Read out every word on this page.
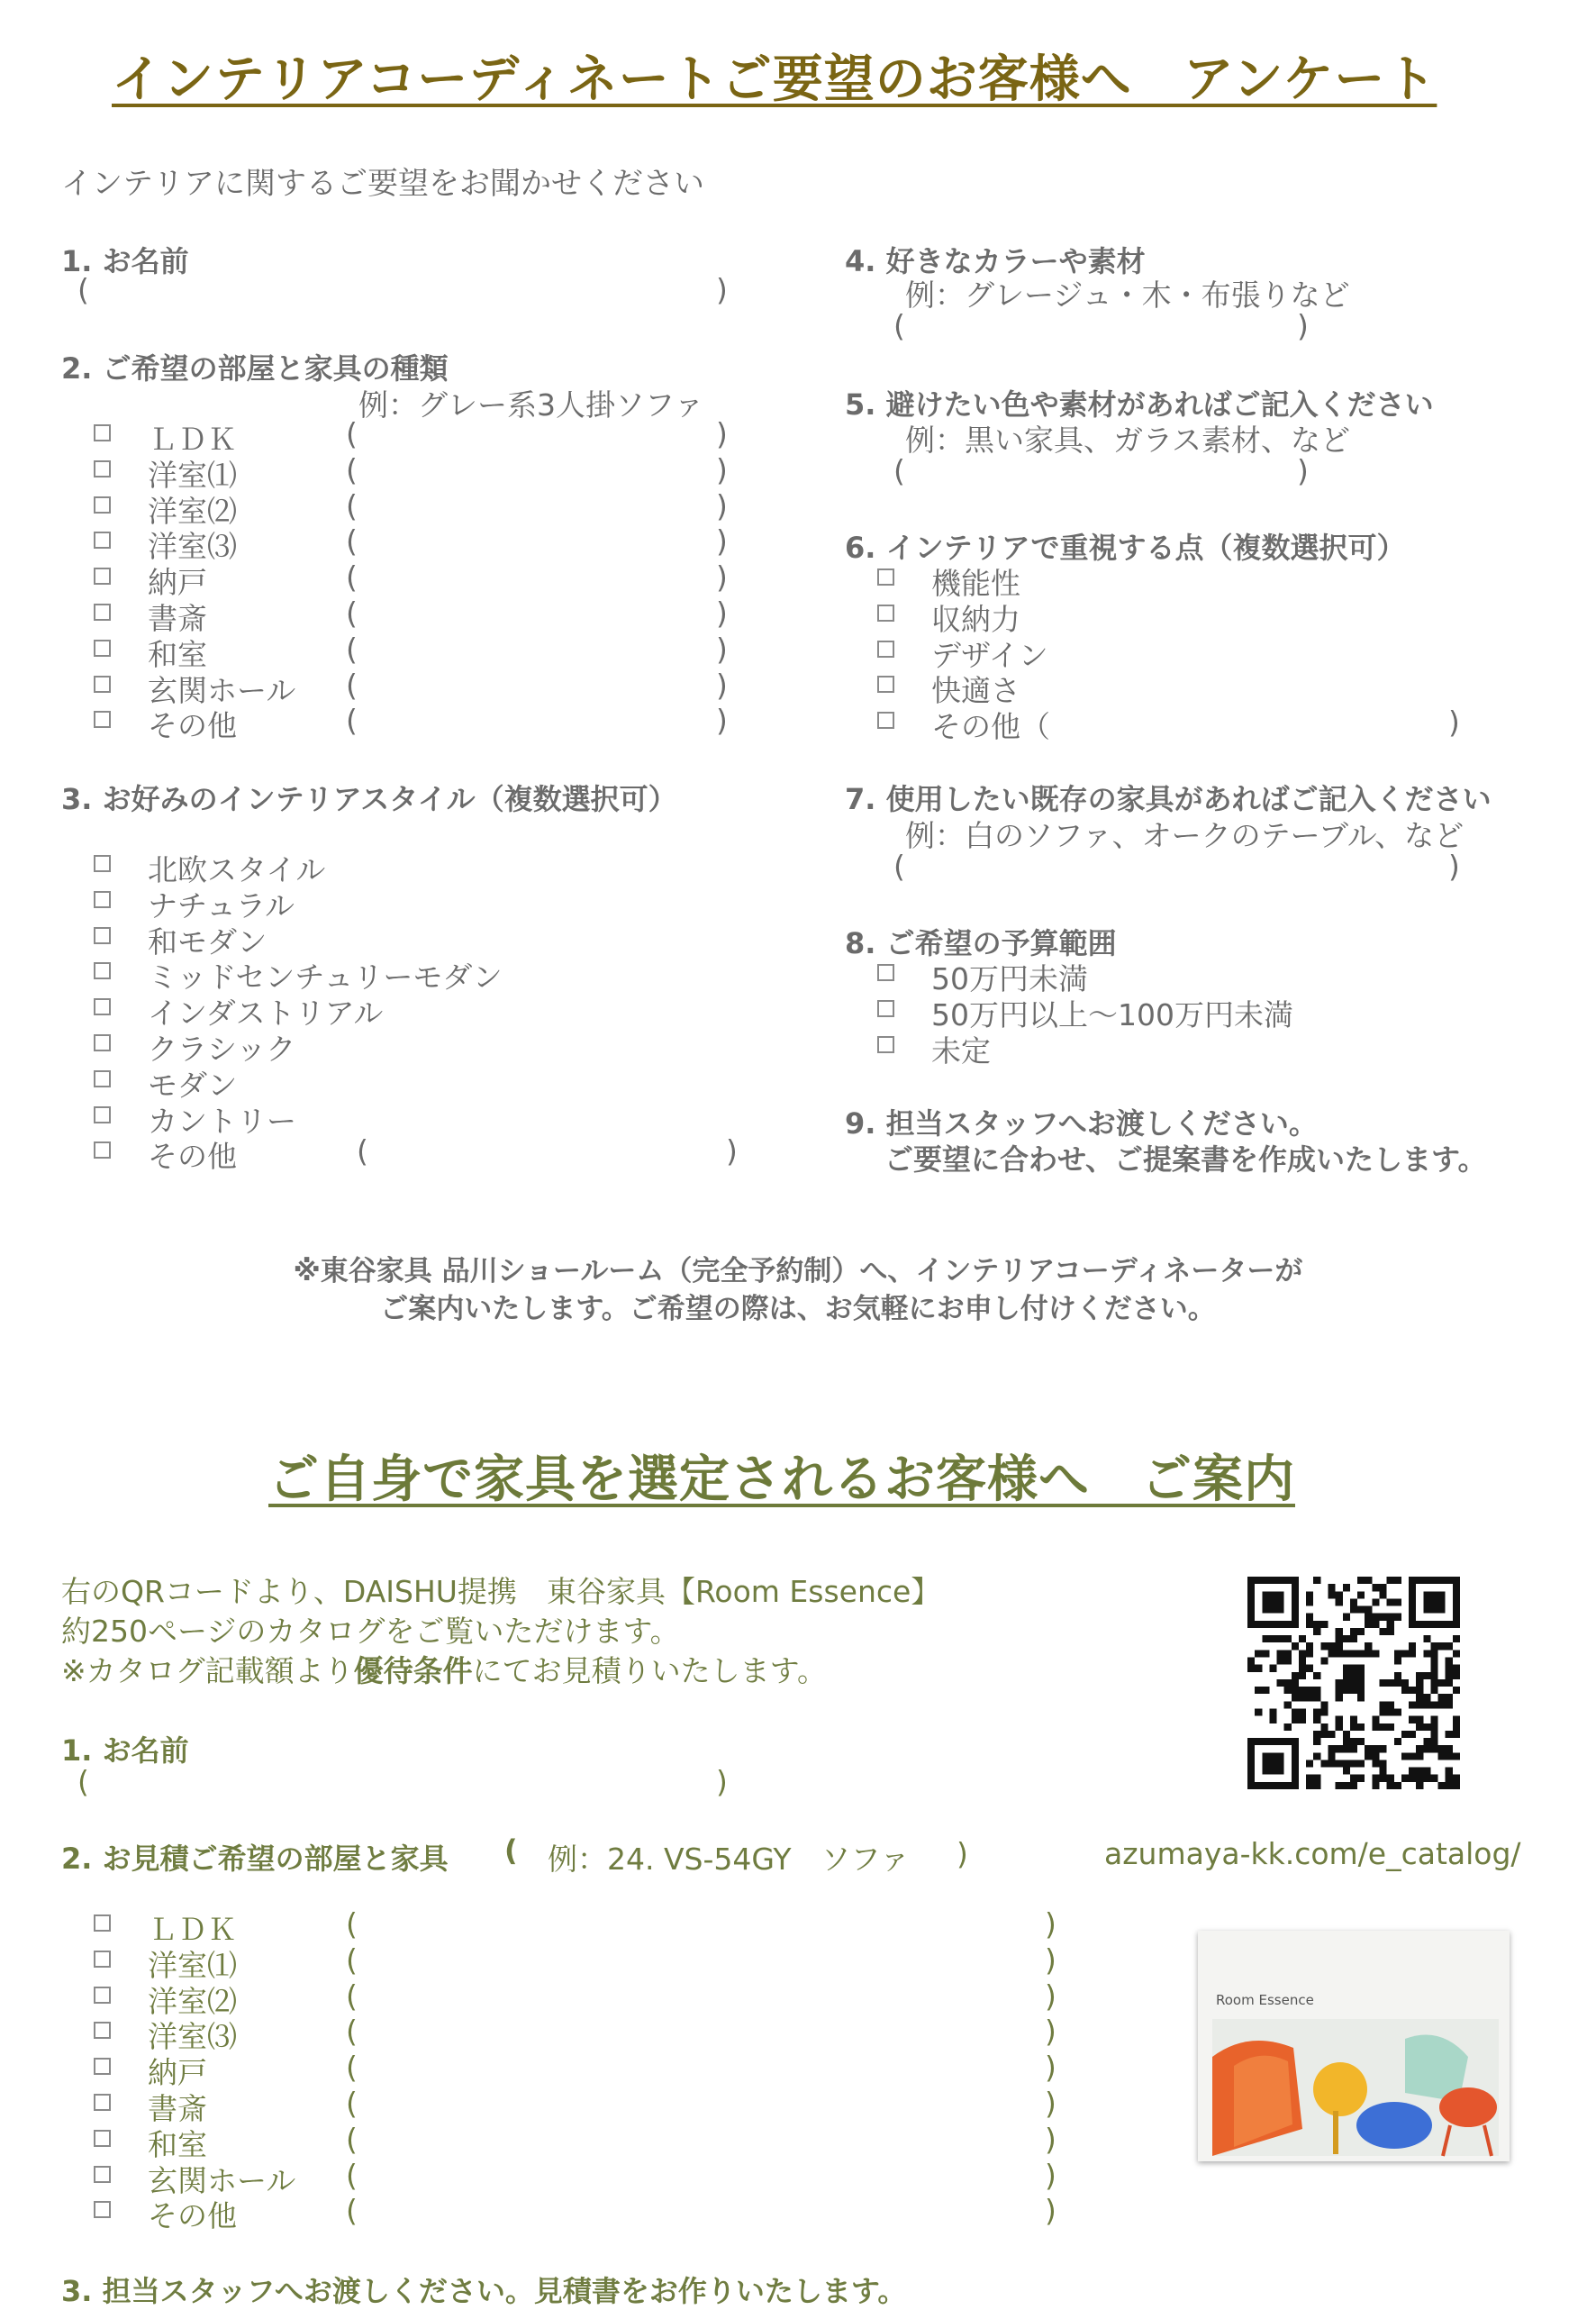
インテリアコーディネートご要望のお客様へ　アンケート
インテリアに関するご要望をお聞かせください
1. お名前
(	)
2. ご希望の部屋と家具の種類
例：グレー系3人掛ソファ
ＬＤＫ	(	)
洋室⑴	(	)
洋室⑵	(	)
洋室⑶	(	)
納戸	(	)
書斎	(	)
和室	(	)
玄関ホール (	)
その他	(	)
3. お好みのインテリアスタイル（複数選択可）
北欧スタイル
ナチュラル
和モダン
ミッドセンチュリーモダン
インダストリアル
クラシック
モダン
カントリー
その他	(	)
4. 好きなカラーや素材
例：グレージュ・木・布張りなど
(	)
5. 避けたい色や素材があればご記入ください
例：黒い家具、ガラス素材、など
(	)
6. インテリアで重視する点（複数選択可）
機能性
収納力
デザイン
快適さ
その他（	)
7. 使用したい既存の家具があればご記入ください
例：白のソファ、オークのテーブル、など
(	)
8. ご希望の予算範囲
50万円未満
50万円以上～100万円未満
未定
9. 担当スタッフへお渡しください。
ご要望に合わせ、ご提案書を作成いたします。
※東谷家具 品川ショールーム（完全予約制）へ、インテリアコーディネーターが
ご案内いたします。ご希望の際は、お気軽にお申し付けください。
ご自身で家具を選定されるお客様へ　ご案内
右のQRコードより、DAISHU提携　東谷家具【Room Essence】
約250ページのカタログをご覧いただけます。
※カタログ記載額より優待条件にてお見積りいたします。
1. お名前
(	)
2. お見積ご希望の部屋と家具 ( 例：24. VS-54GY　ソファ )
ＬＤＫ	(	)
洋室⑴	(	)
洋室⑵	(	)
洋室⑶	(	)
納戸	(	)
書斎	(	)
和室	(	)
玄関ホール (	)
その他	(	)
3. 担当スタッフへお渡しください。見積書をお作りいたします。
azumaya-kk.com/e_catalog/
Room Essence
